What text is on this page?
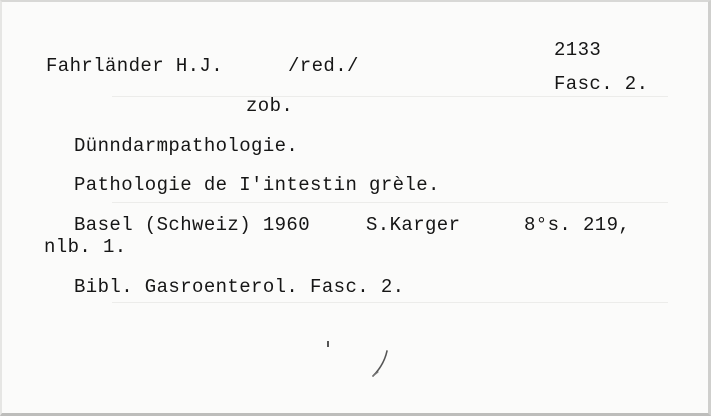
Fahrländer H.J.	/red./
2133
Fasc. 2.
zob.
Dünndarmpathologie.
Pathologie de I'intestin grèle.
Basel (Schweiz) 1960	S.Karger	8°s. 219,
nlb. 1.
Bibl. Gasroenterol. Fasc. 2.
